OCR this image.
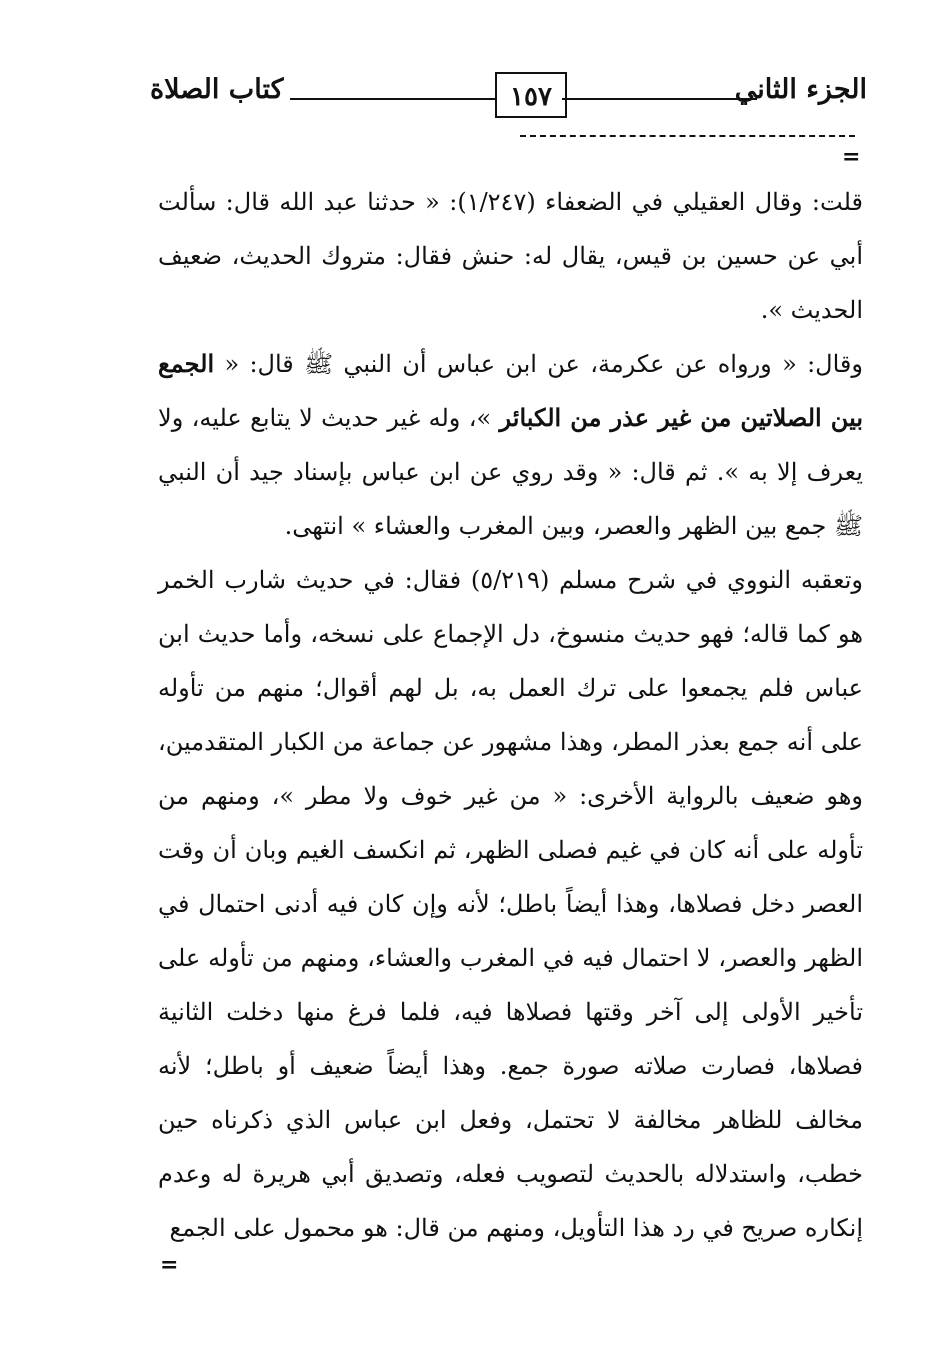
الجزء الثاني
١٥٧
كتاب الصلاة
=

قلت: وقال العقيلي في الضعفاء (١/٢٤٧): « حدثنا عبد الله قال: سألت أبي عن حسين بن قيس، يقال له: حنش فقال: متروك الحديث، ضعيف الحديث ».

وقال: « ورواه عن عكرمة، عن ابن عباس أن النبي ﷺ قال: « الجمع بين الصلاتين من غير عذر من الكبائر »، وله غير حديث لا يتابع عليه، ولا يعرف إلا به ». ثم قال: « وقد روي عن ابن عباس بإسناد جيد أن النبي ﷺ جمع بين الظهر والعصر، وبين المغرب والعشاء » انتهى.

وتعقبه النووي في شرح مسلم (٥/٢١٩) فقال: في حديث شارب الخمر هو كما قاله؛ فهو حديث منسوخ، دل الإجماع على نسخه، وأما حديث ابن عباس فلم يجمعوا على ترك العمل به، بل لهم أقوال؛ منهم من تأوله على أنه جمع بعذر المطر، وهذا مشهور عن جماعة من الكبار المتقدمين، وهو ضعيف بالرواية الأخرى: « من غير خوف ولا مطر »، ومنهم من تأوله على أنه كان في غيم فصلى الظهر، ثم انكسف الغيم وبان أن وقت العصر دخل فصلاها، وهذا أيضاً باطل؛ لأنه وإن كان فيه أدنى احتمال في الظهر والعصر، لا احتمال فيه في المغرب والعشاء، ومنهم من تأوله على تأخير الأولى إلى آخر وقتها فصلاها فيه، فلما فرغ منها دخلت الثانية فصلاها، فصارت صلاته صورة جمع. وهذا أيضاً ضعيف أو باطل؛ لأنه مخالف للظاهر مخالفة لا تحتمل، وفعل ابن عباس الذي ذكرناه حين خطب، واستدلاله بالحديث لتصويب فعله، وتصديق أبي هريرة له وعدم إنكاره صريح في رد هذا التأويل، ومنهم من قال: هو محمول على الجمع

=
